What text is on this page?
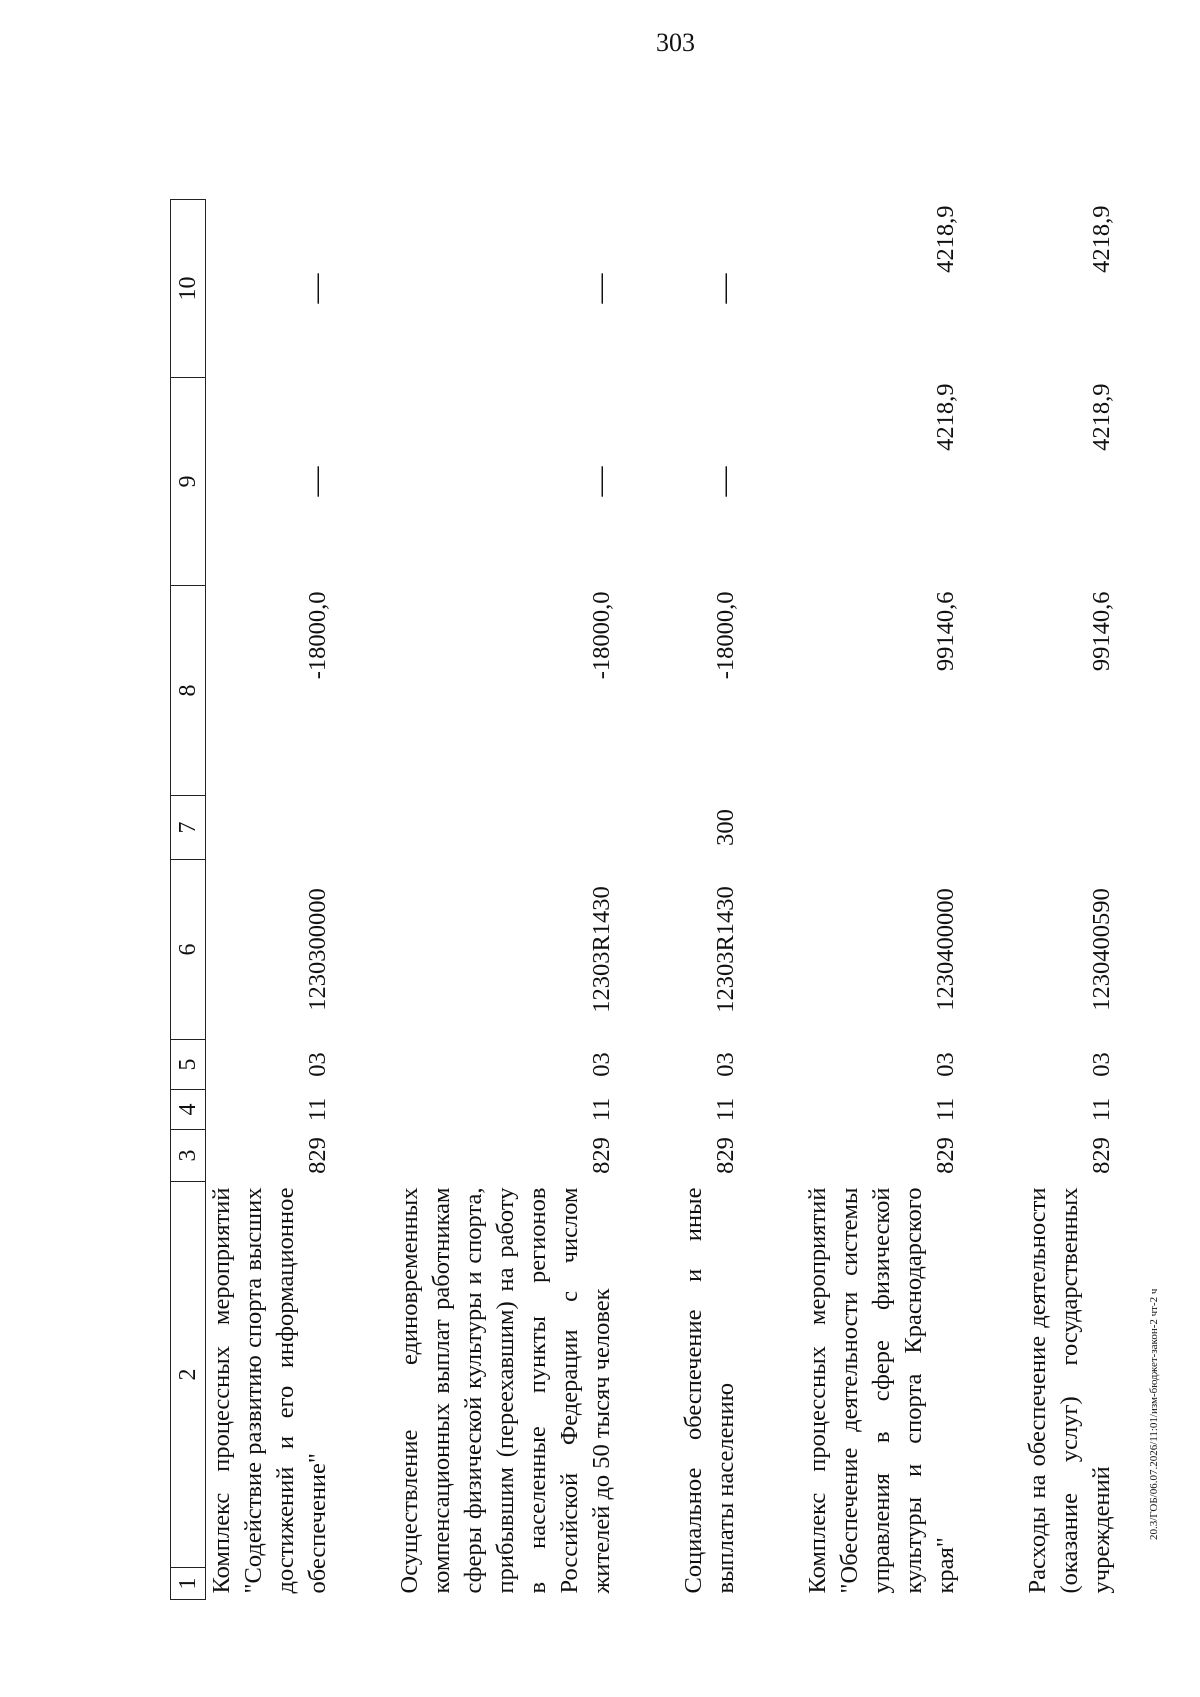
303
1	2	3	4	5	6	7	8	9	10
Комплекс процессных мероприятий "Содействие развитию спорта высших достижений и его информационное обеспечение"		829	11	03	1230300000		-18000,0	—	—

Осуществление единовременных компенсационных выплат работникам сферы физической культуры и спорта, прибывшим (переехавшим) на работу в населенные пункты регионов Российской Федерации с числом жителей до 50 тысяч человек		829	11	03	12303R1430		-18000,0	—	—

Социальное обеспечение и иные выплаты населению		829	11	03	12303R1430	300	-18000,0	—	—

Комплекс процессных мероприятий "Обеспечение деятельности системы управления в сфере физической культуры и спорта Краснодарского края"		829	11	03	1230400000		99140,6	4218,9	4218,9

Расходы на обеспечение деятельности (оказание услуг) государственных учреждений		829	11	03	1230400590		99140,6	4218,9	4218,9
20.3/ГОБ/06.07.2026/11:01/изм-бюджет-закон-2 чт-2 ч
